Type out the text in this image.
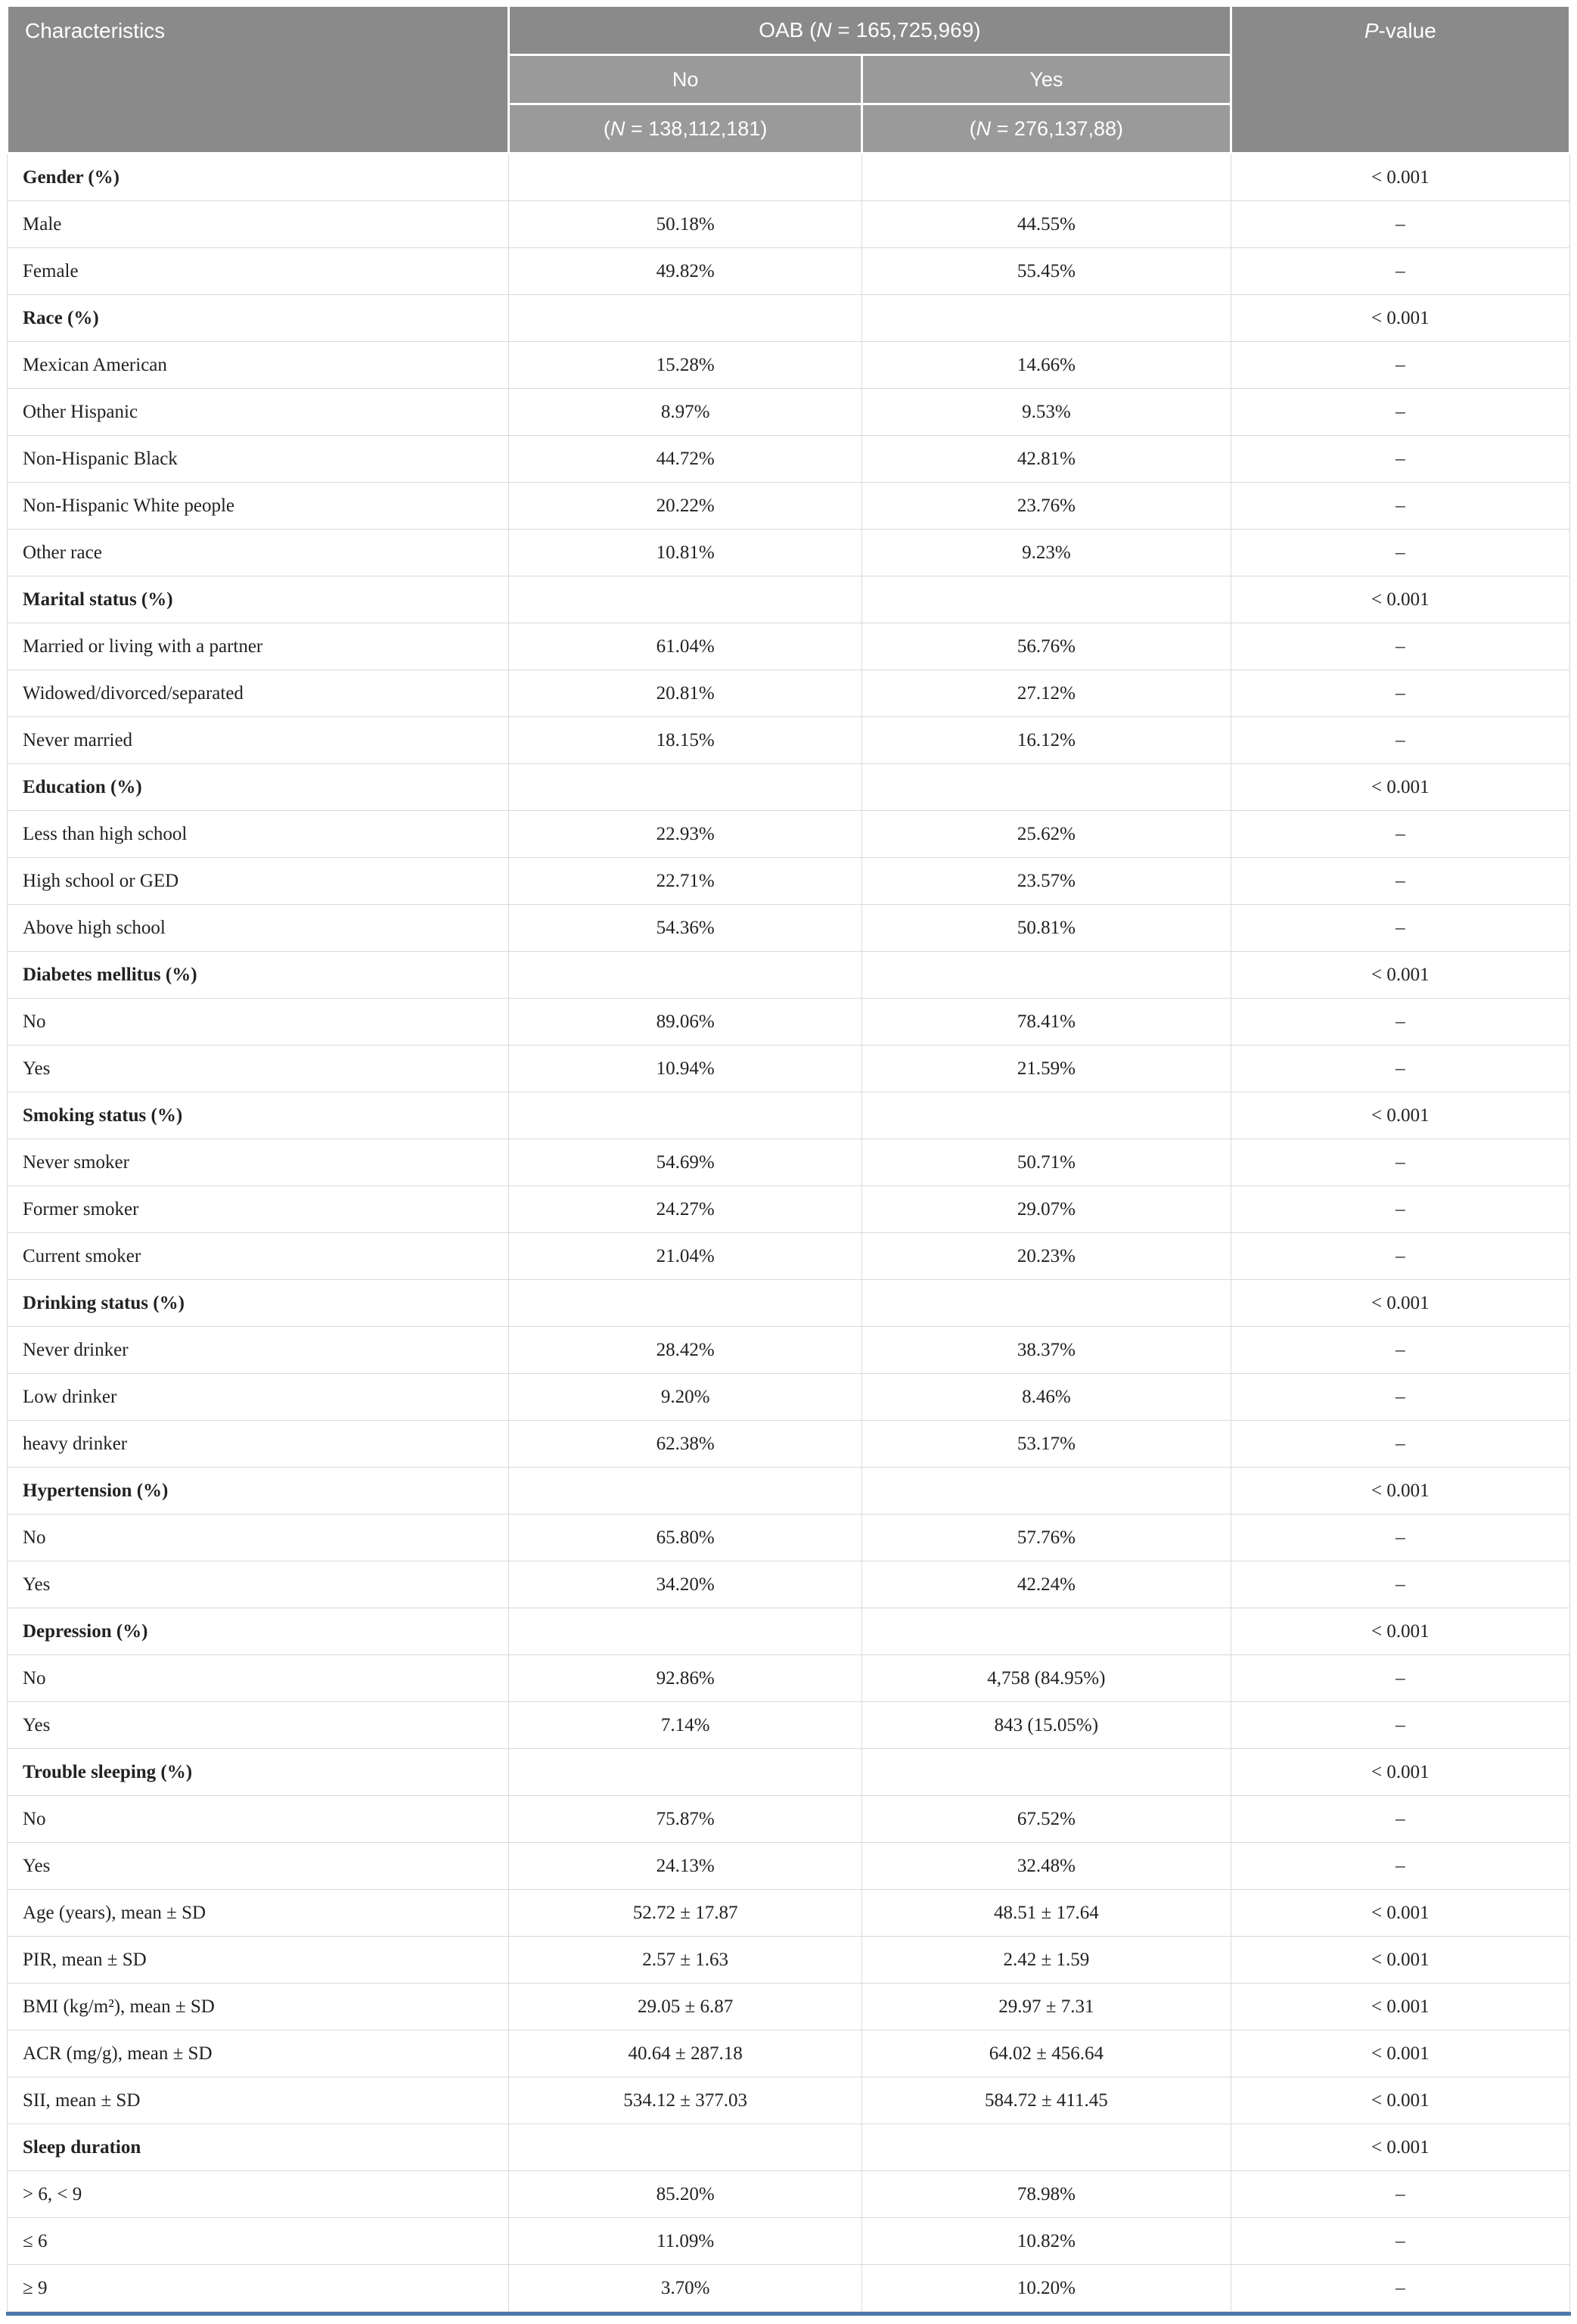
Characteristics	OAB (N = 165,725,969)		P-value
	No	Yes	
	(N = 138,112,181)	(N = 276,137,88)	
Gender (%)			< 0.001
Male	50.18%	44.55%	–
Female	49.82%	55.45%	–
Race (%)			< 0.001
Mexican American	15.28%	14.66%	–
Other Hispanic	8.97%	9.53%	–
Non-Hispanic Black	44.72%	42.81%	–
Non-Hispanic White people	20.22%	23.76%	–
Other race	10.81%	9.23%	–
Marital status (%)			< 0.001
Married or living with a partner	61.04%	56.76%	–
Widowed/divorced/separated	20.81%	27.12%	–
Never married	18.15%	16.12%	–
Education (%)			< 0.001
Less than high school	22.93%	25.62%	–
High school or GED	22.71%	23.57%	–
Above high school	54.36%	50.81%	–
Diabetes mellitus (%)			< 0.001
No	89.06%	78.41%	–
Yes	10.94%	21.59%	–
Smoking status (%)			< 0.001
Never smoker	54.69%	50.71%	–
Former smoker	24.27%	29.07%	–
Current smoker	21.04%	20.23%	–
Drinking status (%)			< 0.001
Never drinker	28.42%	38.37%	–
Low drinker	9.20%	8.46%	–
heavy drinker	62.38%	53.17%	–
Hypertension (%)			< 0.001
No	65.80%	57.76%	–
Yes	34.20%	42.24%	–
Depression (%)			< 0.001
No	92.86%	4,758 (84.95%)	–
Yes	7.14%	843 (15.05%)	–
Trouble sleeping (%)			< 0.001
No	75.87%	67.52%	–
Yes	24.13%	32.48%	–
Age (years), mean ± SD	52.72 ± 17.87	48.51 ± 17.64	< 0.001
PIR, mean ± SD	2.57 ± 1.63	2.42 ± 1.59	< 0.001
BMI (kg/m²), mean ± SD	29.05 ± 6.87	29.97 ± 7.31	< 0.001
ACR (mg/g), mean ± SD	40.64 ± 287.18	64.02 ± 456.64	< 0.001
SII, mean ± SD	534.12 ± 377.03	584.72 ± 411.45	< 0.001
Sleep duration			< 0.001
> 6, < 9	85.20%	78.98%	–
≤ 6	11.09%	10.82%	–
≥ 9	3.70%	10.20%	–
